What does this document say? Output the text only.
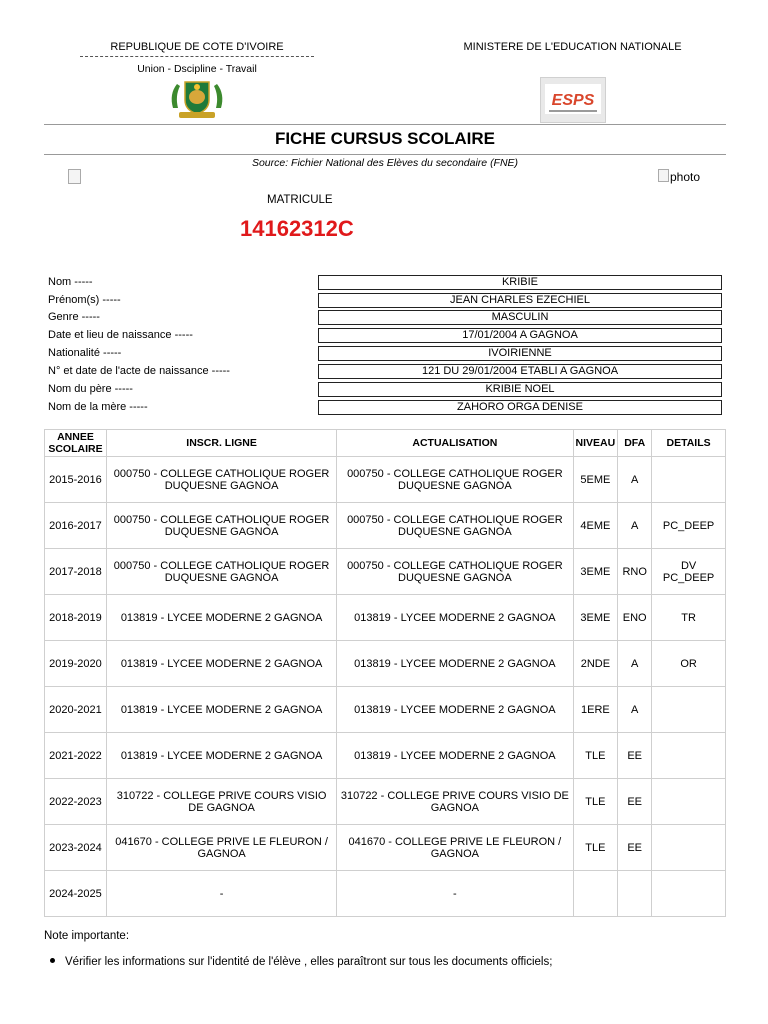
REPUBLIQUE DE COTE D'IVOIRE
Union - Dscipline - Travail
MINISTERE DE L'EDUCATION NATIONALE
ESPS
FICHE CURSUS SCOLAIRE
Source: Fichier National des Elèves du secondaire (FNE)
photo
MATRICULE
14162312C
Nom -----	KRIBIE
Prénom(s) -----	JEAN CHARLES EZECHIEL
Genre -----	MASCULIN
Date et lieu de naissance -----	17/01/2004 A GAGNOA
Nationalité -----	IVOIRIENNE
N° et date de l'acte de naissance -----	121 DU 29/01/2004 ETABLI A GAGNOA
Nom du père -----	KRIBIE NOEL
Nom de la mère -----	ZAHORO ORGA DENISE
ANNEE SCOLAIRE	INSCR. LIGNE	ACTUALISATION	NIVEAU	DFA	DETAILS
2015-2016	000750 - COLLEGE CATHOLIQUE ROGER DUQUESNE GAGNOA	000750 - COLLEGE CATHOLIQUE ROGER DUQUESNE GAGNOA	5EME	A	
2016-2017	000750 - COLLEGE CATHOLIQUE ROGER DUQUESNE GAGNOA	000750 - COLLEGE CATHOLIQUE ROGER DUQUESNE GAGNOA	4EME	A	PC_DEEP
2017-2018	000750 - COLLEGE CATHOLIQUE ROGER DUQUESNE GAGNOA	000750 - COLLEGE CATHOLIQUE ROGER DUQUESNE GAGNOA	3EME	RNO	DV PC_DEEP
2018-2019	013819 - LYCEE MODERNE 2 GAGNOA	013819 - LYCEE MODERNE 2 GAGNOA	3EME	ENO	TR
2019-2020	013819 - LYCEE MODERNE 2 GAGNOA	013819 - LYCEE MODERNE 2 GAGNOA	2NDE	A	OR
2020-2021	013819 - LYCEE MODERNE 2 GAGNOA	013819 - LYCEE MODERNE 2 GAGNOA	1ERE	A	
2021-2022	013819 - LYCEE MODERNE 2 GAGNOA	013819 - LYCEE MODERNE 2 GAGNOA	TLE	EE	
2022-2023	310722 - COLLEGE PRIVE COURS VISIO DE GAGNOA	310722 - COLLEGE PRIVE COURS VISIO DE GAGNOA	TLE	EE	
2023-2024	041670 - COLLEGE PRIVE LE FLEURON / GAGNOA	041670 - COLLEGE PRIVE LE FLEURON / GAGNOA	TLE	EE	
2024-2025	-	-			
Note importante:
Vérifier les informations sur l'identité de l'élève , elles paraîtront sur tous les documents officiels;
